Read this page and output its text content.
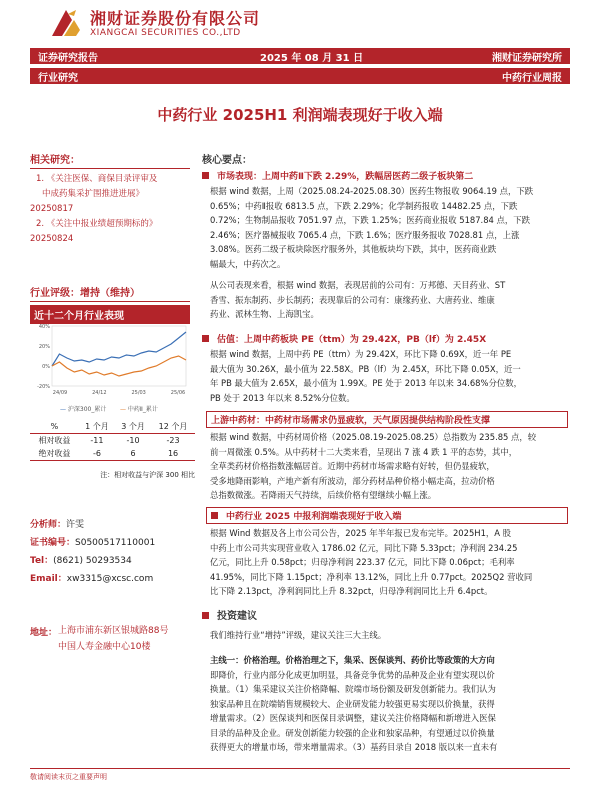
湘财证券股份有限公司
XIANGCAI SECURITIES CO.,LTD
证券研究报告	2025 年 08 月 31 日	湘财证券研究所
行业研究	中药行业周报
中药行业 2025H1 利润端表现好于收入端
相关研究：
1. 《关注医保、商保目录评审及
中成药集采扩围推进进展》
20250817
2. 《关注中报业绩超预期标的》
20250824
行业评级：增持（维持）
近十二个月行业表现
40%
20%
0%
-20%
24/09	24/12	25/03	25/06
— 沪深300_累计 — 中药Ⅱ_累计
%	1 个月	3 个月	12 个月
相对收益	-11	-10	-23
绝对收益	-6	6	16
注：相对收益与沪深 300 相比
分析师：许雯
证书编号：S0500517110001
Tel：(8621) 50293534
Email：xw3315@xcsc.com
地址： 上海市浦东新区银城路88号
中国人寿金融中心10楼
核心要点：
市场表现：上周中药Ⅱ下跌 2.29%，跌幅居医药二级子板块第二
根据 wind 数据，上周（2025.08.24-2025.08.30）医药生物报收 9064.19 点，下跌
0.65%；中药Ⅱ报收 6813.5 点，下跌 2.29%；化学制药报收 14482.25 点，下跌
0.72%；生物制品报收 7051.97 点，下跌 1.25%；医药商业报收 5187.84 点，下跌
2.46%；医疗器械报收 7065.4 点，下跌 1.6%；医疗服务报收 7028.81 点，上涨
3.08%。医药二级子板块除医疗服务外，其他板块均下跌，其中，医药商业跌
幅最大，中药次之。
从公司表现来看，根据 wind 数据，表现居前的公司有：万邦德、天目药业、ST
香雪、振东制药、步长制药；表现靠后的公司有：康缘药业、大唐药业、维康
药业、派林生物、上海凯宝。
估值：上周中药板块 PE（ttm）为 29.42X，PB（lf）为 2.45X
根据 wind 数据，上周中药 PE（ttm）为 29.42X，环比下降 0.69X，近一年 PE
最大值为 30.26X，最小值为 22.58X。PB（lf）为 2.45X，环比下降 0.05X，近一
年 PB 最大值为 2.65X，最小值为 1.99X。PE 处于 2013 年以来 34.68%分位数，
PB 处于 2013 年以来 8.52%分位数。
上游中药材：中药材市场需求仍显疲软，天气原因提供结构阶段性支撑
根据 wind 数据，中药材周价格（2025.08.19-2025.08.25）总指数为 235.85 点，较
前一周微涨 0.5%。从中药材十二大类来看，呈现出 7 涨 4 跌 1 平的态势，其中，
全草类药材价格指数涨幅居首。近期中药材市场需求略有好转，但仍显疲软，
受多地降雨影响，产地产新有所波动，部分药材品种价格小幅走高，拉动价格
总指数微涨。若降雨天气持续，后续价格有望继续小幅上涨。
中药行业 2025 中报利润端表现好于收入端
根据 Wind 数据及各上市公司公告，2025 年半年报已发布完毕。2025H1，A 股
中药上市公司共实现营业收入 1786.02 亿元，同比下降 5.33pct；净利润 234.25
亿元，同比上升 0.58pct；归母净利润 223.37 亿元，同比下降 0.06pct；毛利率
41.95%，同比下降 1.15pct；净利率 13.12%，同比上升 0.77pct。2025Q2 营收同
比下降 2.13pct，净利润同比上升 8.32pct，归母净利润同比上升 6.4pct。
投资建议
我们维持行业“增持”评级，建议关注三大主线。
主线一：价格治理。价格治理之下，集采、医保谈判、药价比等政策的大方向
即降价，行业内部分化成更加明显，具备竞争优势的品种及企业有望实现以价
换量。（1）集采建议关注价格降幅、院端市场份额及研发创新能力。我们认为
独家品种且在院端销售规模较大、企业研发能力较强更易实现以价换量，获得
增量需求。（2）医保谈判和医保目录调整，建议关注价格降幅和新增进入医保
目录的品种及企业。研发创新能力较强的企业和独家品种，有望通过以价换量
获得更大的增量市场，带来增量需求。（3）基药目录自 2018 版以来一直未有
敬请阅读末页之重要声明
